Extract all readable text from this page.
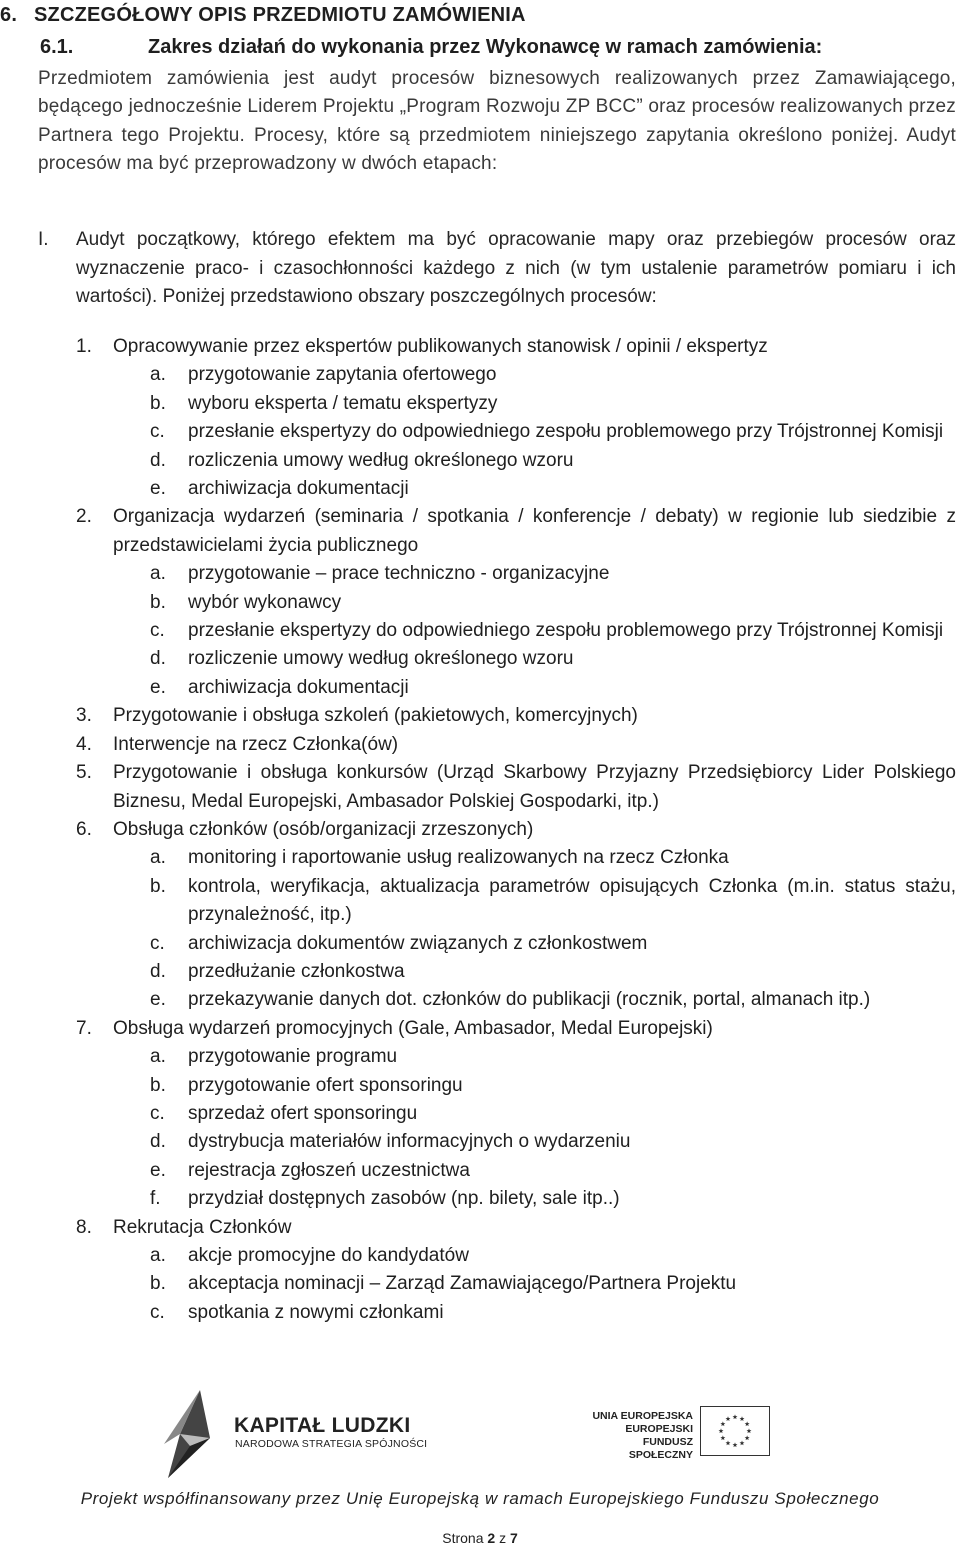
6. SZCZEGÓŁOWY OPIS PRZEDMIOTU ZAMÓWIENIA
6.1.	Zakres działań do wykonania przez Wykonawcę w ramach zamówienia:
Przedmiotem zamówienia jest audyt procesów biznesowych realizowanych przez Zamawiającego, będącego jednocześnie Liderem Projektu „Program Rozwoju ZP BCC” oraz procesów realizowanych przez Partnera tego Projektu. Procesy, które są przedmiotem niniejszego zapytania określono poniżej. Audyt procesów ma być przeprowadzony w dwóch etapach:
I. Audyt początkowy, którego efektem ma być opracowanie mapy oraz przebiegów procesów oraz wyznaczenie praco- i czasochłonności każdego z nich (w tym ustalenie parametrów pomiaru i ich wartości). Poniżej przedstawiono obszary poszczególnych procesów:
1. Opracowywanie przez ekspertów publikowanych stanowisk / opinii / ekspertyz
a. przygotowanie zapytania ofertowego
b. wyboru eksperta / tematu ekspertyzy
c. przesłanie ekspertyzy do odpowiedniego zespołu problemowego przy Trójstronnej Komisji
d. rozliczenia umowy według określonego wzoru
e. archiwizacja dokumentacji
2. Organizacja wydarzeń (seminaria / spotkania / konferencje / debaty) w regionie lub siedzibie z przedstawicielami życia publicznego
a. przygotowanie – prace techniczno - organizacyjne
b. wybór wykonawcy
c. przesłanie ekspertyzy do odpowiedniego zespołu problemowego przy Trójstronnej Komisji
d. rozliczenie umowy według określonego wzoru
e. archiwizacja dokumentacji
3. Przygotowanie i obsługa szkoleń (pakietowych, komercyjnych)
4. Interwencje na rzecz Członka(ów)
5. Przygotowanie i obsługa konkursów (Urząd Skarbowy Przyjazny Przedsiębiorcy Lider Polskiego Biznesu, Medal Europejski, Ambasador Polskiej Gospodarki, itp.)
6. Obsługa członków (osób/organizacji zrzeszonych)
a. monitoring i raportowanie usług realizowanych na rzecz Członka
b. kontrola, weryfikacja, aktualizacja parametrów opisujących Członka (m.in. status stażu, przynależność, itp.)
c. archiwizacja dokumentów związanych z członkostwem
d. przedłużanie członkostwa
e. przekazywanie danych dot. członków do publikacji (rocznik, portal, almanach itp.)
7. Obsługa wydarzeń promocyjnych (Gale, Ambasador, Medal Europejski)
a. przygotowanie programu
b. przygotowanie ofert sponsoringu
c. sprzedaż ofert sponsoringu
d. dystrybucja materiałów informacyjnych o wydarzeniu
e. rejestracja zgłoszeń uczestnictwa
f. przydział dostępnych zasobów (np. bilety, sale itp..)
8. Rekrutacja Członków
a. akcje promocyjne do kandydatów
b. akceptacja nominacji – Zarząd Zamawiającego/Partnera Projektu
c. spotkania z nowymi członkami
KAPITAŁ LUDZKI
NARODOWA STRATEGIA SPÓJNOŚCI
UNIA EUROPEJSKA
EUROPEJSKI
FUNDUSZ SPOŁECZNY
Projekt współfinansowany przez Unię Europejską w ramach Europejskiego Funduszu Społecznego
Strona 2 z 7
